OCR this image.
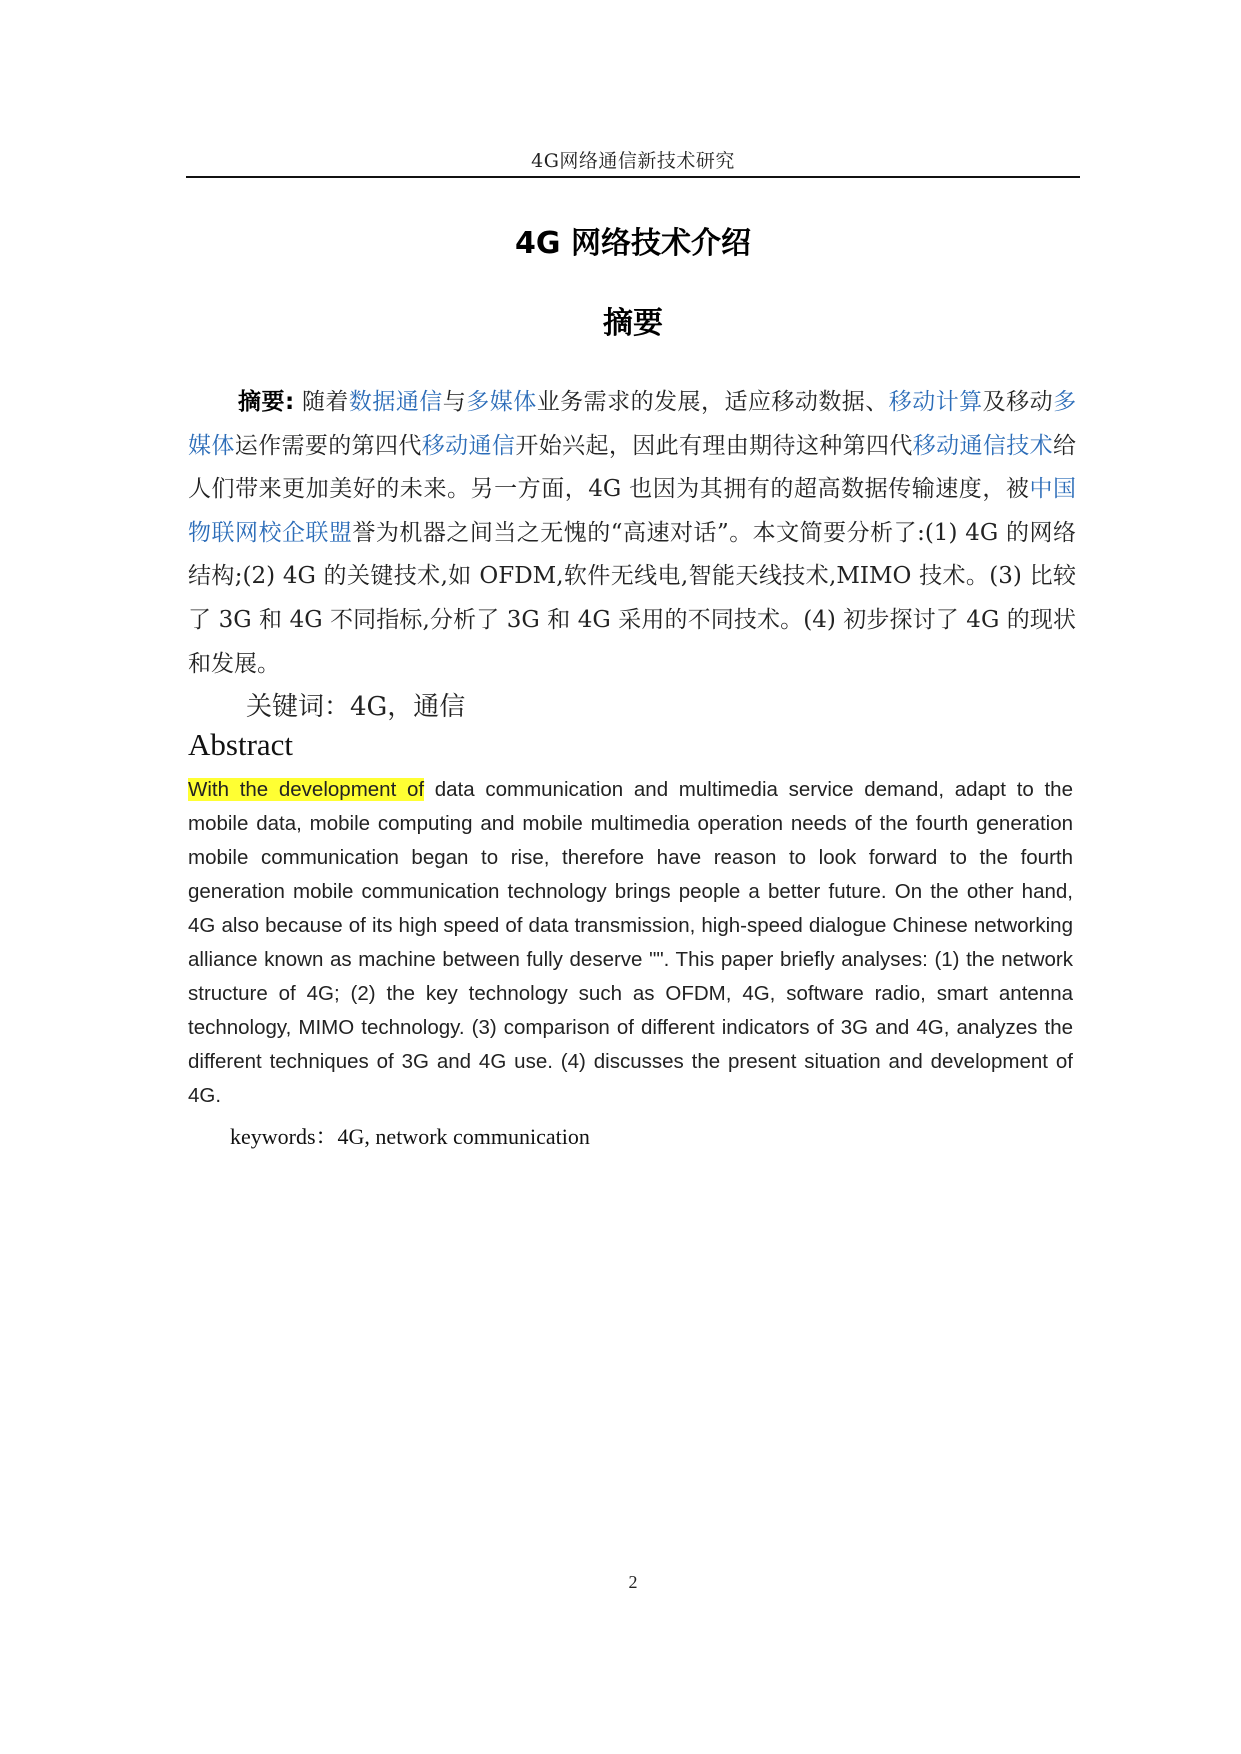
4G网络通信新技术研究
4G 网络技术介绍
摘要
摘要: 随着数据通信与多媒体业务需求的发展，适应移动数据、移动计算及移动多媒体运作需要的第四代移动通信开始兴起，因此有理由期待这种第四代移动通信技术给人们带来更加美好的未来。另一方面，4G 也因为其拥有的超高数据传输速度，被中国物联网校企联盟誉为机器之间当之无愧的“高速对话”。本文简要分析了:(1) 4G 的网络结构;(2) 4G 的关键技术,如 OFDM,软件无线电,智能天线技术,MIMO 技术。(3) 比较了 3G 和 4G 不同指标,分析了 3G 和 4G 采用的不同技术。(4) 初步探讨了 4G 的现状和发展。
关键词：4G，通信
Abstract
With the development of data communication and multimedia service demand, adapt to the mobile data, mobile computing and mobile multimedia operation needs of the fourth generation mobile communication began to rise, therefore have reason to look forward to the fourth generation mobile communication technology brings people a better future. On the other hand, 4G also because of its high speed of data transmission, high-speed dialogue Chinese networking alliance known as machine between fully deserve "". This paper briefly analyses: (1) the network structure of 4G; (2) the key technology such as OFDM, 4G, software radio, smart antenna technology, MIMO technology. (3) comparison of different indicators of 3G and 4G, analyzes the different techniques of 3G and 4G use. (4) discusses the present situation and development of 4G.
keywords：4G, network communication
2
